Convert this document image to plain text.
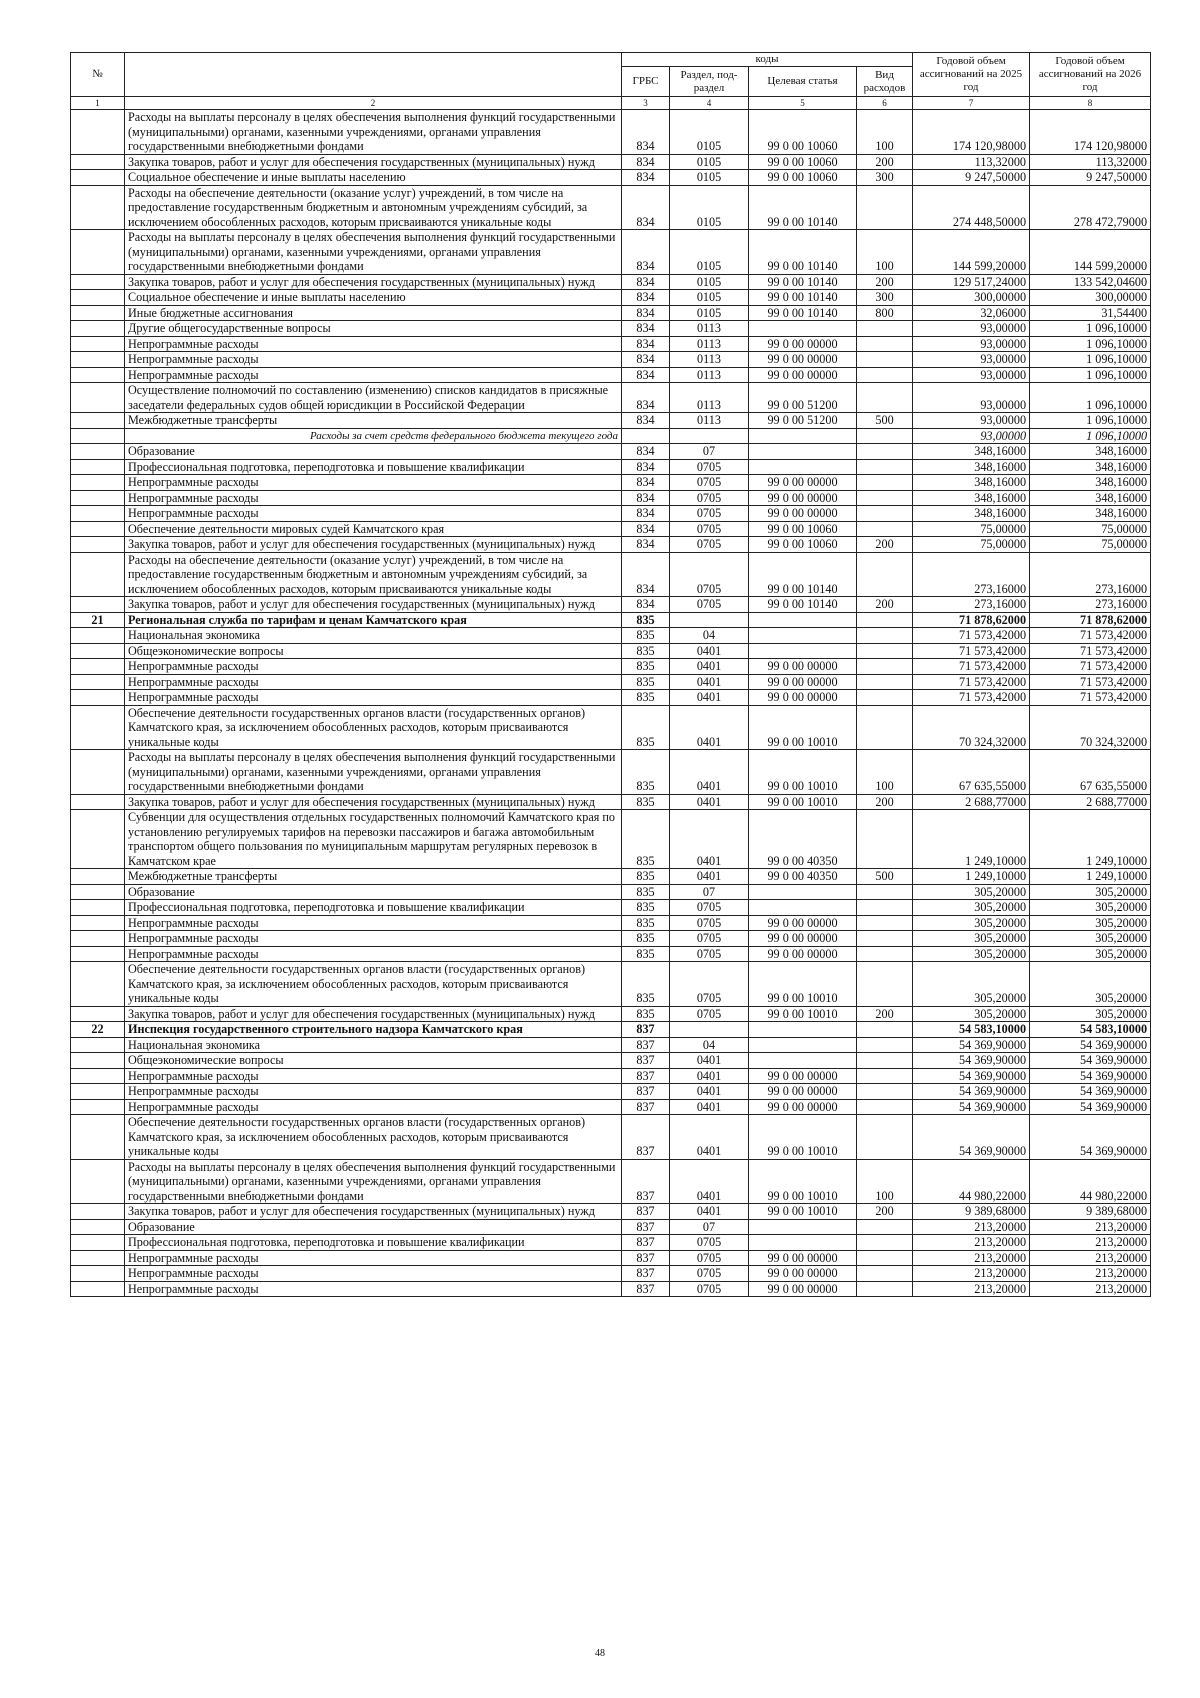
№		коды				Годовой объем ассигнований на 2025 год	Годовой объем ассигнований на 2026 год
		ГРБС	Раздел, под-раздел	Целевая статья	Вид расходов		
1	2	3	4	5	6	7	8
	Расходы на выплаты персоналу в целях обеспечения выполнения функций государственными (муниципальными) органами, казенными учреждениями, органами управления государственными внебюджетными фондами	834	0105	99 0 00 10060	100	174 120,98000	174 120,98000
	Закупка товаров, работ и услуг для обеспечения государственных (муниципальных) нужд	834	0105	99 0 00 10060	200	113,32000	113,32000
	Социальное обеспечение и иные выплаты населению	834	0105	99 0 00 10060	300	9 247,50000	9 247,50000
	Расходы на обеспечение деятельности (оказание услуг) учреждений, в том числе на предоставление государственным бюджетным и автономным учреждениям субсидий, за исключением обособленных расходов, которым присваиваются уникальные коды	834	0105	99 0 00 10140		274 448,50000	278 472,79000
	Расходы на выплаты персоналу в целях обеспечения выполнения функций государственными (муниципальными) органами, казенными учреждениями, органами управления государственными внебюджетными фондами	834	0105	99 0 00 10140	100	144 599,20000	144 599,20000
	Закупка товаров, работ и услуг для обеспечения государственных (муниципальных) нужд	834	0105	99 0 00 10140	200	129 517,24000	133 542,04600
	Социальное обеспечение и иные выплаты населению	834	0105	99 0 00 10140	300	300,00000	300,00000
	Иные бюджетные ассигнования	834	0105	99 0 00 10140	800	32,06000	31,54400
	Другие общегосударственные вопросы	834	0113			93,00000	1 096,10000
	Непрограммные расходы	834	0113	99 0 00 00000		93,00000	1 096,10000
	Непрограммные расходы	834	0113	99 0 00 00000		93,00000	1 096,10000
	Непрограммные расходы	834	0113	99 0 00 00000		93,00000	1 096,10000
	Осуществление полномочий по составлению (изменению) списков кандидатов в присяжные заседатели федеральных судов общей юрисдикции в Российской Федерации	834	0113	99 0 00 51200		93,00000	1 096,10000
	Межбюджетные трансферты	834	0113	99 0 00 51200	500	93,00000	1 096,10000
	Расходы за счет средств федерального бюджета текущего года					93,00000	1 096,10000
	Образование	834	07			348,16000	348,16000
	Профессиональная подготовка, переподготовка и повышение квалификации	834	0705			348,16000	348,16000
	Непрограммные расходы	834	0705	99 0 00 00000		348,16000	348,16000
	Непрограммные расходы	834	0705	99 0 00 00000		348,16000	348,16000
	Непрограммные расходы	834	0705	99 0 00 00000		348,16000	348,16000
	Обеспечение деятельности мировых судей Камчатского края	834	0705	99 0 00 10060		75,00000	75,00000
	Закупка товаров, работ и услуг для обеспечения государственных (муниципальных) нужд	834	0705	99 0 00 10060	200	75,00000	75,00000
	Расходы на обеспечение деятельности (оказание услуг) учреждений, в том числе на предоставление государственным бюджетным и автономным учреждениям субсидий, за исключением обособленных расходов, которым присваиваются уникальные коды	834	0705	99 0 00 10140		273,16000	273,16000
	Закупка товаров, работ и услуг для обеспечения государственных (муниципальных) нужд	834	0705	99 0 00 10140	200	273,16000	273,16000
21	Региональная служба по тарифам и ценам Камчатского края	835				71 878,62000	71 878,62000
	Национальная экономика	835	04			71 573,42000	71 573,42000
	Общеэкономические вопросы	835	0401			71 573,42000	71 573,42000
	Непрограммные расходы	835	0401	99 0 00 00000		71 573,42000	71 573,42000
	Непрограммные расходы	835	0401	99 0 00 00000		71 573,42000	71 573,42000
	Непрограммные расходы	835	0401	99 0 00 00000		71 573,42000	71 573,42000
	Обеспечение деятельности государственных органов власти (государственных органов) Камчатского края, за исключением обособленных расходов, которым присваиваются уникальные коды	835	0401	99 0 00 10010		70 324,32000	70 324,32000
	Расходы на выплаты персоналу в целях обеспечения выполнения функций государственными (муниципальными) органами, казенными учреждениями, органами управления государственными внебюджетными фондами	835	0401	99 0 00 10010	100	67 635,55000	67 635,55000
	Закупка товаров, работ и услуг для обеспечения государственных (муниципальных) нужд	835	0401	99 0 00 10010	200	2 688,77000	2 688,77000
	Субвенции для осуществления отдельных государственных полномочий Камчатского края по установлению регулируемых тарифов на перевозки пассажиров и багажа автомобильным транспортом общего пользования по муниципальным маршрутам регулярных перевозок в Камчатском крае	835	0401	99 0 00 40350		1 249,10000	1 249,10000
	Межбюджетные трансферты	835	0401	99 0 00 40350	500	1 249,10000	1 249,10000
	Образование	835	07			305,20000	305,20000
	Профессиональная подготовка, переподготовка и повышение квалификации	835	0705			305,20000	305,20000
	Непрограммные расходы	835	0705	99 0 00 00000		305,20000	305,20000
	Непрограммные расходы	835	0705	99 0 00 00000		305,20000	305,20000
	Непрограммные расходы	835	0705	99 0 00 00000		305,20000	305,20000
	Обеспечение деятельности государственных органов власти (государственных органов) Камчатского края, за исключением обособленных расходов, которым присваиваются уникальные коды	835	0705	99 0 00 10010		305,20000	305,20000
	Закупка товаров, работ и услуг для обеспечения государственных (муниципальных) нужд	835	0705	99 0 00 10010	200	305,20000	305,20000
22	Инспекция государственного строительного надзора Камчатского края	837				54 583,10000	54 583,10000
	Национальная экономика	837	04			54 369,90000	54 369,90000
	Общеэкономические вопросы	837	0401			54 369,90000	54 369,90000
	Непрограммные расходы	837	0401	99 0 00 00000		54 369,90000	54 369,90000
	Непрограммные расходы	837	0401	99 0 00 00000		54 369,90000	54 369,90000
	Непрограммные расходы	837	0401	99 0 00 00000		54 369,90000	54 369,90000
	Обеспечение деятельности государственных органов власти (государственных органов) Камчатского края, за исключением обособленных расходов, которым присваиваются уникальные коды	837	0401	99 0 00 10010		54 369,90000	54 369,90000
	Расходы на выплаты персоналу в целях обеспечения выполнения функций государственными (муниципальными) органами, казенными учреждениями, органами управления государственными внебюджетными фондами	837	0401	99 0 00 10010	100	44 980,22000	44 980,22000
	Закупка товаров, работ и услуг для обеспечения государственных (муниципальных) нужд	837	0401	99 0 00 10010	200	9 389,68000	9 389,68000
	Образование	837	07			213,20000	213,20000
	Профессиональная подготовка, переподготовка и повышение квалификации	837	0705			213,20000	213,20000
	Непрограммные расходы	837	0705	99 0 00 00000		213,20000	213,20000
	Непрограммные расходы	837	0705	99 0 00 00000		213,20000	213,20000
	Непрограммные расходы	837	0705	99 0 00 00000		213,20000	213,20000
48
